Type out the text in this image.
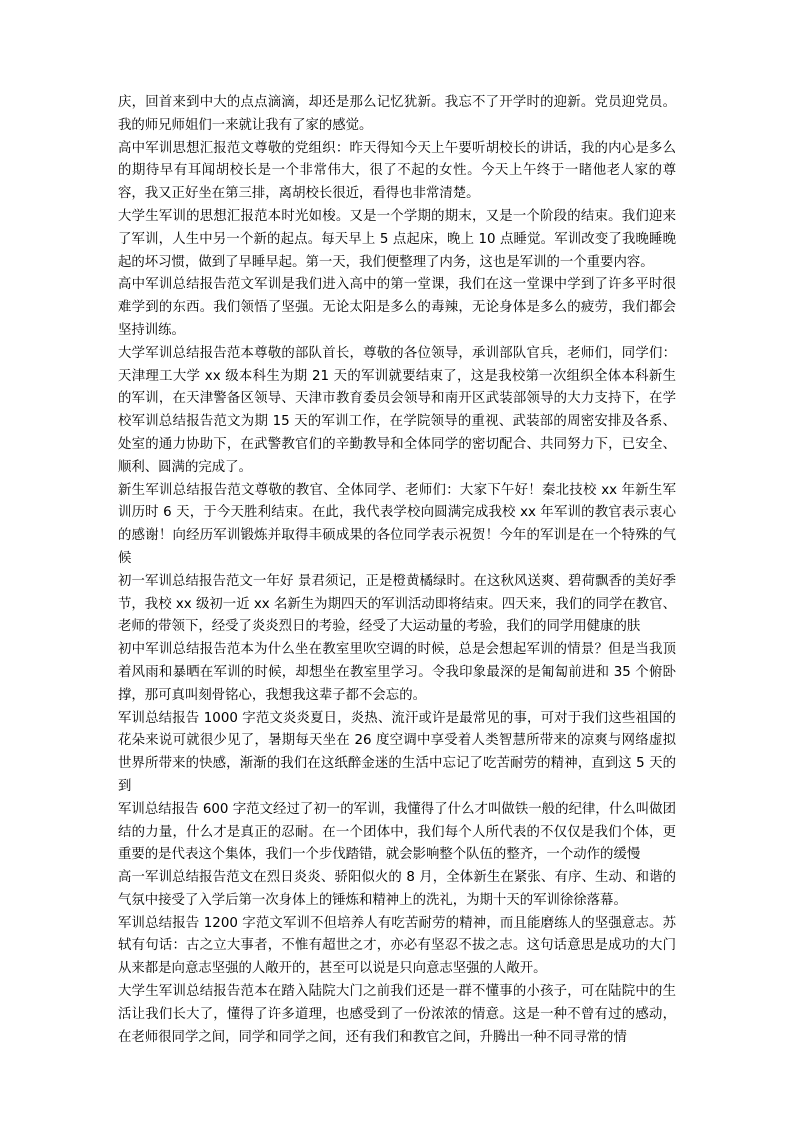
庆，回首来到中大的点点滴滴，却还是那么记忆犹新。我忘不了开学时的迎新。党员迎党员。我的师兄师姐们一来就让我有了家的感觉。

高中军训思想汇报范文尊敬的党组织：昨天得知今天上午要听胡校长的讲话，我的内心是多么的期待早有耳闻胡校长是一个非常伟大，很了不起的女性。今天上午终于一睹他老人家的尊容，我又正好坐在第三排，离胡校长很近，看得也非常清楚。

大学生军训的思想汇报范本时光如梭。又是一个学期的期末，又是一个阶段的结束。我们迎来了军训，人生中另一个新的起点。每天早上 5 点起床，晚上 10 点睡觉。军训改变了我晚睡晚起的坏习惯，做到了早睡早起。第一天，我们便整理了内务，这也是军训的一个重要内容。

高中军训总结报告范文军训是我们进入高中的第一堂课，我们在这一堂课中学到了许多平时很难学到的东西。我们领悟了坚强。无论太阳是多么的毒辣，无论身体是多么的疲劳，我们都会坚持训练。

大学军训总结报告范本尊敬的部队首长，尊敬的各位领导，承训部队官兵，老师们，同学们：天津理工大学 xx 级本科生为期 21 天的军训就要结束了，这是我校第一次组织全体本科新生的军训，在天津警备区领导、天津市教育委员会领导和南开区武装部领导的大力支持下，在学校军训总结报告范文为期 15 天的军训工作，在学院领导的重视、武装部的周密安排及各系、处室的通力协助下，在武警教官们的辛勤教导和全体同学的密切配合、共同努力下，已安全、顺利、圆满的完成了。

新生军训总结报告范文尊敬的教官、全体同学、老师们：大家下午好！秦北技校 xx 年新生军训历时 6 天，于今天胜利结束。在此，我代表学校向圆满完成我校 xx 年军训的教官表示衷心的感谢！向经历军训锻炼并取得丰硕成果的各位同学表示祝贺！今年的军训是在一个特殊的气候

初一军训总结报告范文一年好 景君须记，正是橙黄橘绿时。在这秋风送爽、碧荷飘香的美好季节，我校 xx 级初一近 xx 名新生为期四天的军训活动即将结束。四天来，我们的同学在教官、老师的带领下，经受了炎炎烈日的考验，经受了大运动量的考验，我们的同学用健康的肤

初中军训总结报告范本为什么坐在教室里吹空调的时候，总是会想起军训的情景？但是当我顶着风雨和暴晒在军训的时候，却想坐在教室里学习。令我印象最深的是匍匐前进和 35 个俯卧撑，那可真叫刻骨铭心，我想我这辈子都不会忘的。

军训总结报告 1000 字范文炎炎夏日，炎热、流汗或许是最常见的事，可对于我们这些祖国的花朵来说可就很少见了，暑期每天坐在 26 度空调中享受着人类智慧所带来的凉爽与网络虚拟世界所带来的快感，渐渐的我们在这纸醉金迷的生活中忘记了吃苦耐劳的精神，直到这 5 天的到

军训总结报告 600 字范文经过了初一的军训，我懂得了什么才叫做铁一般的纪律，什么叫做团结的力量，什么才是真正的忍耐。在一个团体中，我们每个人所代表的不仅仅是我们个体，更重要的是代表这个集体，我们一个步伐踏错，就会影响整个队伍的整齐，一个动作的缓慢

高一军训总结报告范文在烈日炎炎、骄阳似火的 8 月，全体新生在紧张、有序、生动、和谐的气氛中接受了入学后第一次身体上的锤炼和精神上的洗礼，为期十天的军训徐徐落幕。

军训总结报告 1200 字范文军训不但培养人有吃苦耐劳的精神，而且能磨练人的坚强意志。苏轼有句话：古之立大事者，不惟有超世之才，亦必有坚忍不拔之志。这句话意思是成功的大门从来都是向意志坚强的人敞开的，甚至可以说是只向意志坚强的人敞开。

大学生军训总结报告范本在踏入陆院大门之前我们还是一群不懂事的小孩子，可在陆院中的生活让我们长大了，懂得了许多道理，也感受到了一份浓浓的情意。这是一种不曾有过的感动，在老师很同学之间，同学和同学之间，还有我们和教官之间，升腾出一种不同寻常的情
